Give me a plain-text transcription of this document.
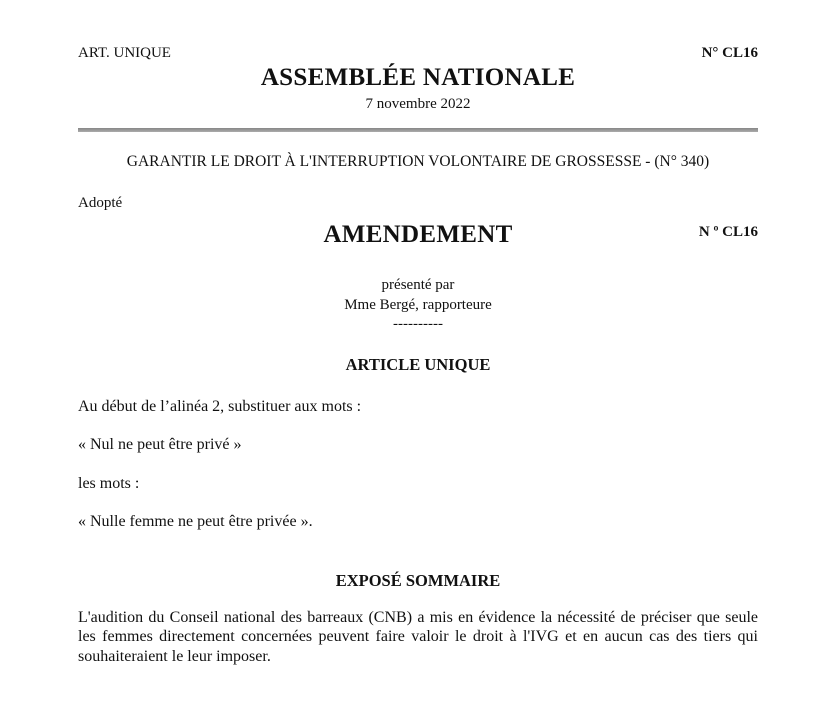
ART. UNIQUE	N° CL16
ASSEMBLÉE NATIONALE
7 novembre 2022
GARANTIR LE DROIT À L'INTERRUPTION VOLONTAIRE DE GROSSESSE - (N° 340)
Adopté
AMENDEMENT	N º CL16
présenté par
Mme Bergé, rapporteure
----------
ARTICLE UNIQUE

Au début de l’alinéa 2, substituer aux mots :

« Nul ne peut être privé »

les mots :

« Nulle femme ne peut être privée ».

EXPOSÉ SOMMAIRE

L'audition du Conseil national des barreaux (CNB) a mis en évidence la nécessité de préciser que seule les femmes directement concernées peuvent faire valoir le droit à l'IVG et en aucun cas des tiers qui souhaiteraient le leur imposer.
